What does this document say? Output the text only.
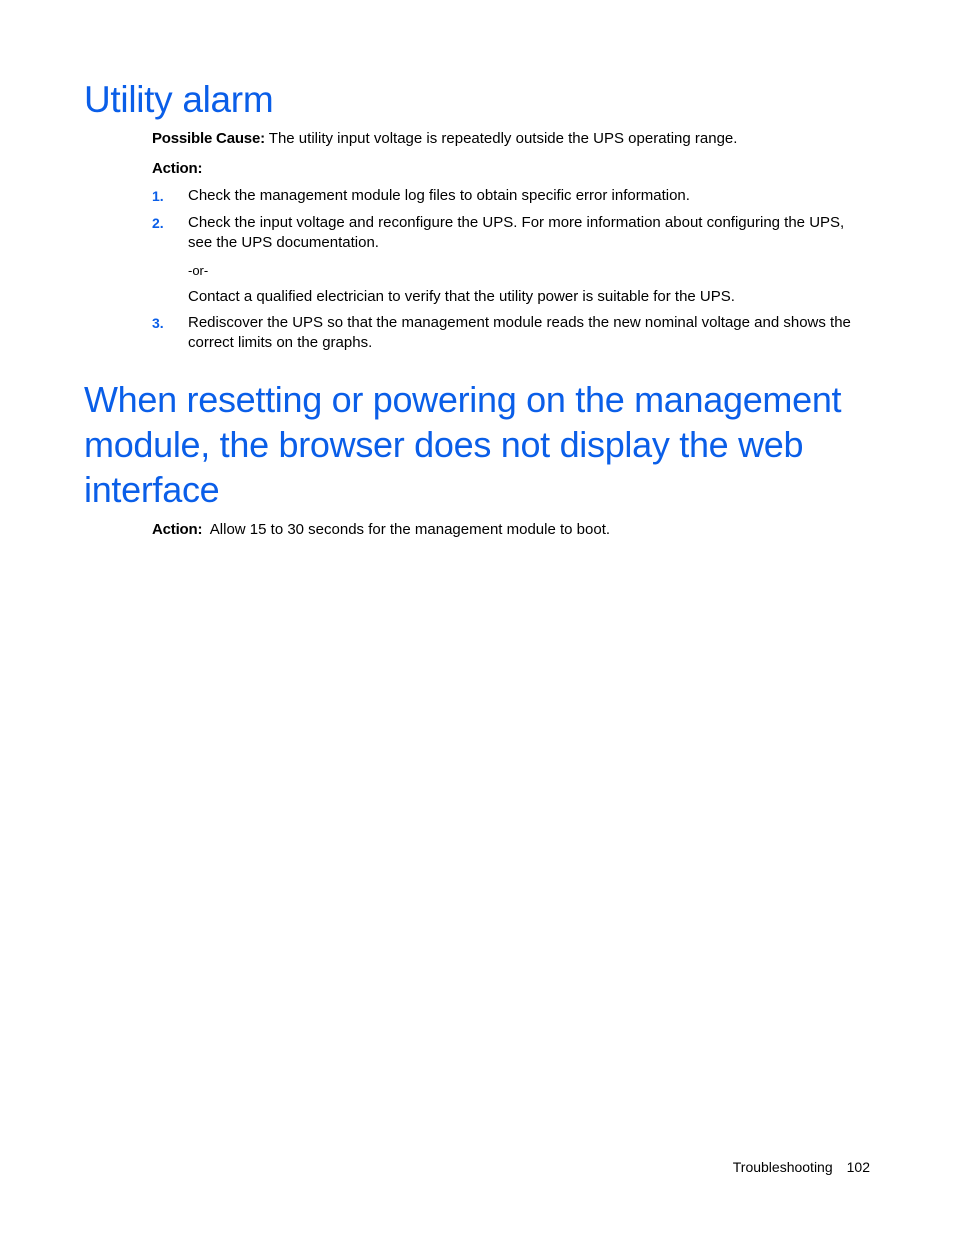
Utility alarm

Possible Cause: The utility input voltage is repeatedly outside the UPS operating range.

Action:

1. Check the management module log files to obtain specific error information.
2. Check the input voltage and reconfigure the UPS. For more information about configuring the UPS, see the UPS documentation.
-or-
Contact a qualified electrician to verify that the utility power is suitable for the UPS.
3. Rediscover the UPS so that the management module reads the new nominal voltage and shows the correct limits on the graphs.
When resetting or powering on the management module, the browser does not display the web interface

Action: Allow 15 to 30 seconds for the management module to boot.

Troubleshooting 102
